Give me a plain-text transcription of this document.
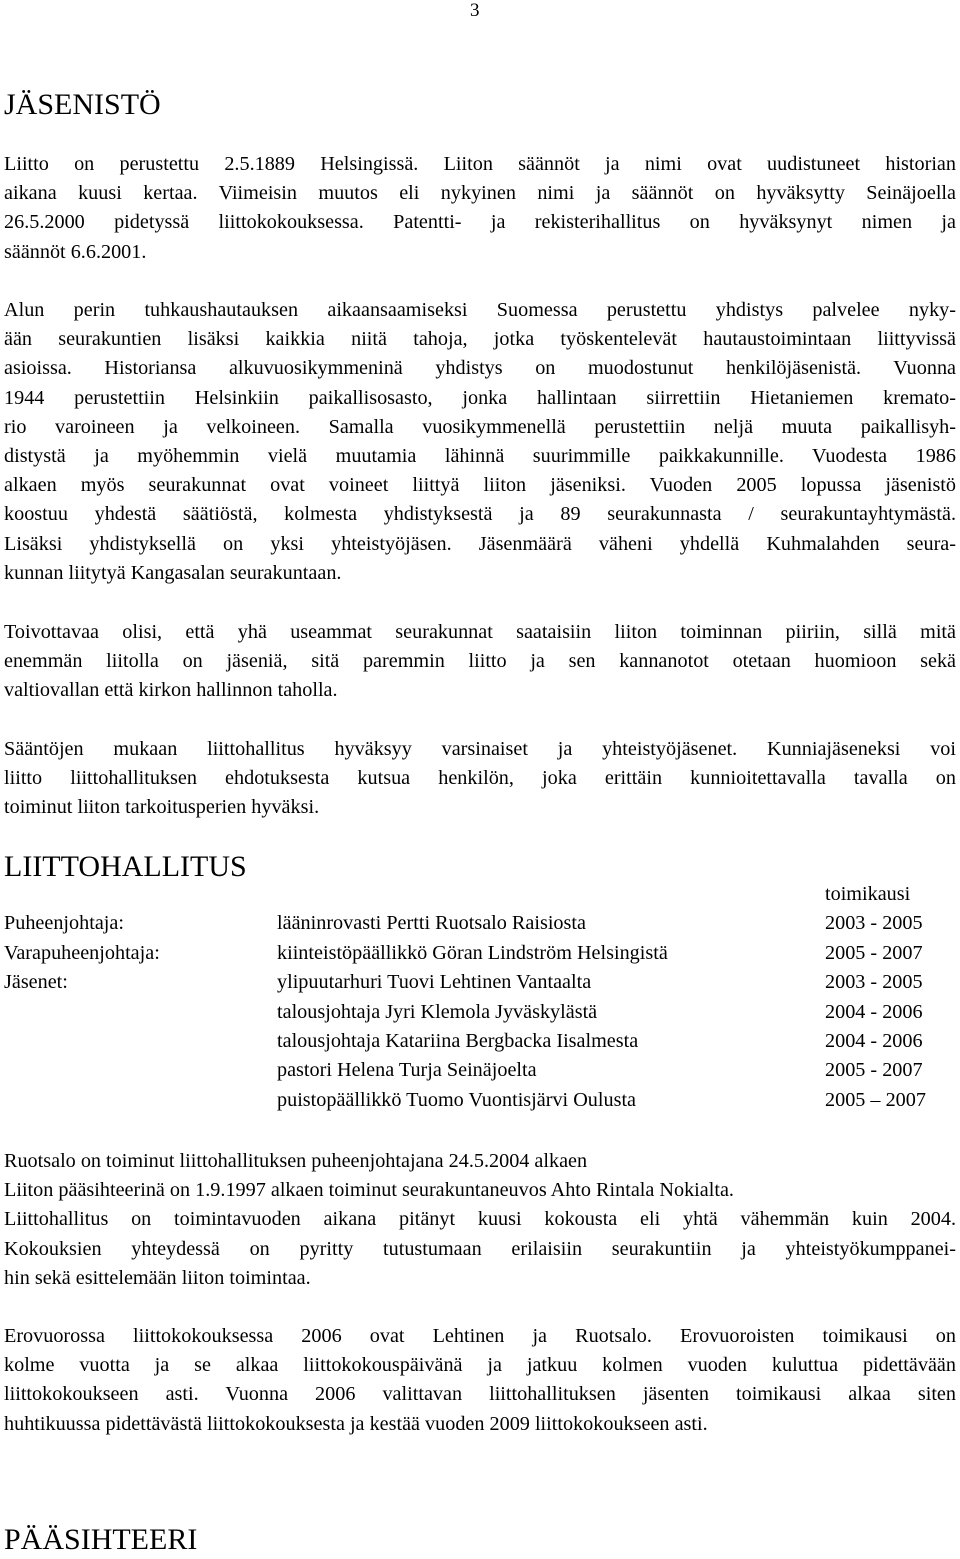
3
JÄSENISTÖ
Liitto on perustettu 2.5.1889 Helsingissä. Liiton säännöt ja nimi ovat uudistuneet historian
aikana kuusi kertaa. Viimeisin muutos eli nykyinen nimi ja säännöt on hyväksytty Seinäjoella
26.5.2000 pidetyssä liittokokouksessa. Patentti- ja rekisterihallitus on hyväksynyt nimen ja
säännöt 6.6.2001.
Alun perin tuhkaushautauksen aikaansaamiseksi Suomessa perustettu yhdistys palvelee nyky-
ään seurakuntien lisäksi kaikkia niitä tahoja, jotka työskentelevät hautaustoimintaan liittyvissä
asioissa. Historiansa alkuvuosikymmeninä yhdistys on muodostunut henkilöjäsenistä. Vuonna
1944 perustettiin Helsinkiin paikallisosasto, jonka hallintaan siirrettiin Hietaniemen kremato-
rio varoineen ja velkoineen. Samalla vuosikymmenellä perustettiin neljä muuta paikallisyh-
distystä ja myöhemmin vielä muutamia lähinnä suurimmille paikkakunnille. Vuodesta 1986
alkaen myös seurakunnat ovat voineet liittyä liiton jäseniksi. Vuoden 2005 lopussa jäsenistö
koostuu yhdestä säätiöstä, kolmesta yhdistyksestä ja 89 seurakunnasta / seurakuntayhtymästä.
Lisäksi yhdistyksellä on yksi yhteistyöjäsen. Jäsenmäärä väheni yhdellä Kuhmalahden seura-
kunnan liitytyä Kangasalan seurakuntaan.
Toivottavaa olisi, että yhä useammat seurakunnat saataisiin liiton toiminnan piiriin, sillä mitä
enemmän liitolla on jäseniä, sitä paremmin liitto ja sen kannanotot otetaan huomioon sekä
valtiovallan että kirkon hallinnon taholla.
Sääntöjen mukaan liittohallitus hyväksyy varsinaiset ja yhteistyöjäsenet. Kunniajäseneksi voi
liitto liittohallituksen ehdotuksesta kutsua henkilön, joka erittäin kunnioitettavalla tavalla on
toiminut liiton tarkoitusperien hyväksi.
LIITTOHALLITUS
toimikausi
Puheenjohtaja:	lääninrovasti Pertti Ruotsalo Raisiosta	2003 - 2005
Varapuheenjohtaja:	kiinteistöpäällikkö Göran Lindström Helsingistä	2005 - 2007
Jäsenet:	ylipuutarhuri Tuovi Lehtinen Vantaalta	2003 - 2005
talousjohtaja Jyri Klemola Jyväskylästä	2004 - 2006
talousjohtaja Katariina Bergbacka Iisalmesta	2004 - 2006
pastori Helena Turja Seinäjoelta	2005 - 2007
puistopäällikkö Tuomo Vuontisjärvi Oulusta	2005 – 2007
Ruotsalo on toiminut liittohallituksen puheenjohtajana 24.5.2004 alkaen
Liiton pääsihteerinä on 1.9.1997 alkaen toiminut seurakuntaneuvos Ahto Rintala Nokialta.
Liittohallitus on toimintavuoden aikana pitänyt kuusi kokousta eli yhtä vähemmän kuin 2004.
Kokouksien yhteydessä on pyritty tutustumaan erilaisiin seurakuntiin ja yhteistyökumppanei-
hin sekä esittelemään liiton toimintaa.
Erovuorossa liittokokouksessa 2006 ovat Lehtinen ja Ruotsalo. Erovuoroisten toimikausi on
kolme vuotta ja se alkaa liittokokouspäivänä ja jatkuu kolmen vuoden kuluttua pidettävään
liittokokoukseen asti. Vuonna 2006 valittavan liittohallituksen jäsenten toimikausi alkaa siten
huhtikuussa pidettävästä liittokokouksesta ja kestää vuoden 2009 liittokokoukseen asti.
PÄÄSIHTEERI
